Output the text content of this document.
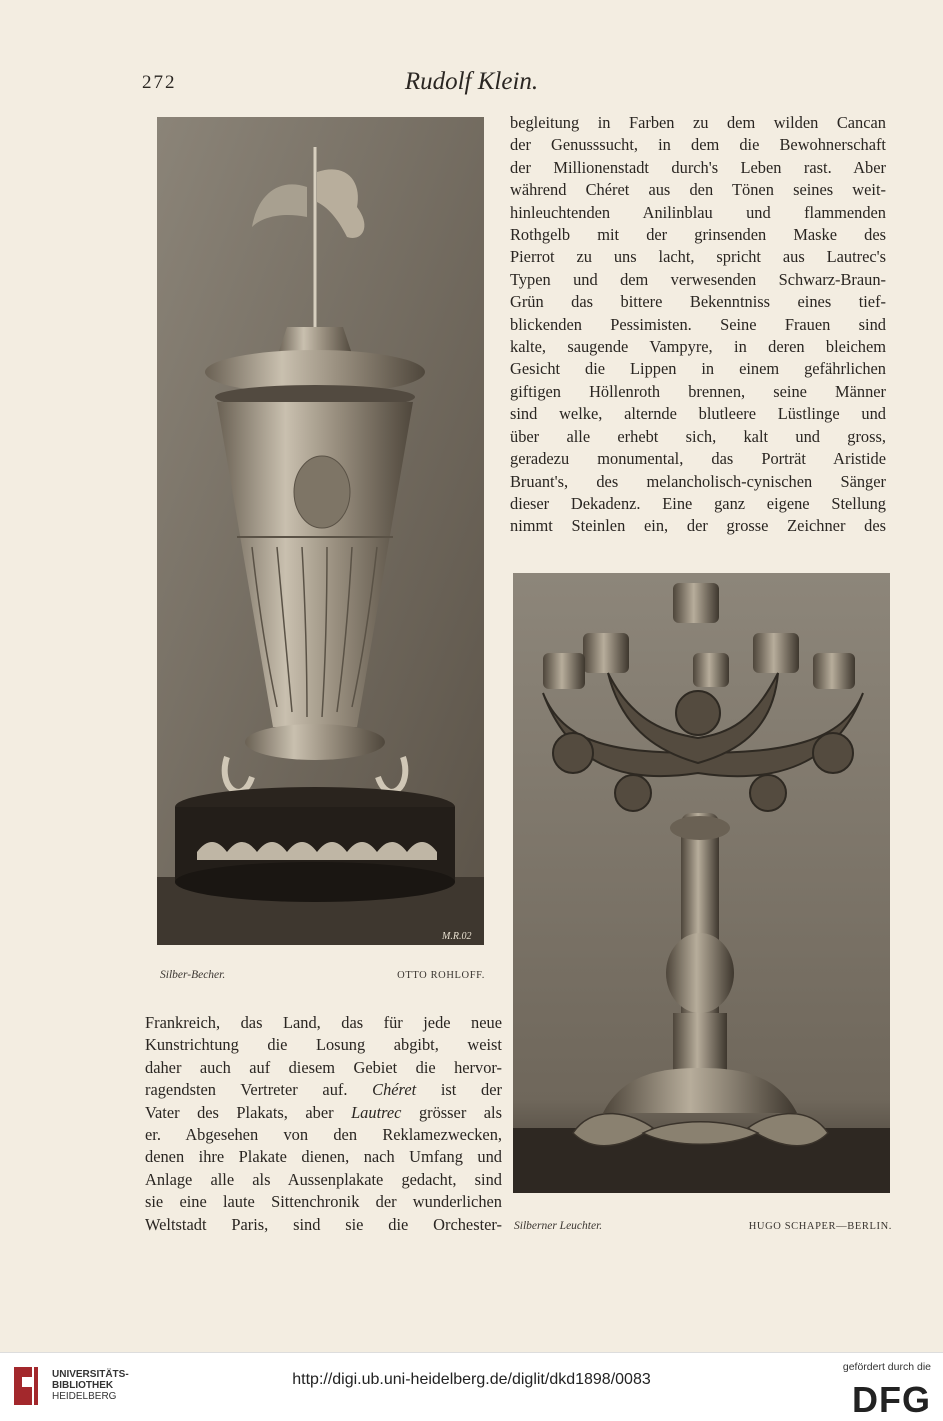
272	Rudolf Klein.
M.R.02
Silber-Becher.	OTTO ROHLOFF.
Silberner Leuchter.	HUGO SCHAPER—BERLIN.
begleitung in Farben zu dem wilden Cancan
der Genusssucht, in dem die Bewohnerschaft
der Millionenstadt durch's Leben rast. Aber
während Chéret aus den Tönen seines weit-
hinleuchtenden Anilinblau und flammenden
Rothgelb mit der grinsenden Maske des
Pierrot zu uns lacht, spricht aus Lautrec's
Typen und dem verwesenden Schwarz-Braun-
Grün das bittere Bekenntniss eines tief-
blickenden Pessimisten. Seine Frauen sind
kalte, saugende Vampyre, in deren bleichem
Gesicht die Lippen in einem gefährlichen
giftigen Höllenroth brennen, seine Männer
sind welke, alternde blutleere Lüstlinge und
über alle erhebt sich, kalt und gross,
geradezu monumental, das Porträt Aristide
Bruant's, des melancholisch-cynischen Sänger
dieser Dekadenz. Eine ganz eigene Stellung
nimmt Steinlen ein, der grosse Zeichner des
Frankreich, das Land, das für jede neue
Kunstrichtung die Losung abgibt, weist
daher auch auf diesem Gebiet die hervor-
ragendsten Vertreter auf. Chéret ist der
Vater des Plakats, aber Lautrec grösser als
er. Abgesehen von den Reklamezwecken,
denen ihre Plakate dienen, nach Umfang und
Anlage alle als Aussenplakate gedacht, sind
sie eine laute Sittenchronik der wunderlichen
Weltstadt Paris, sind sie die Orchester-
UNIVERSITÄTS-
BIBLIOTHEK
HEIDELBERG
http://digi.ub.uni-heidelberg.de/diglit/dkd1898/0083
gefördert durch die
DFG
